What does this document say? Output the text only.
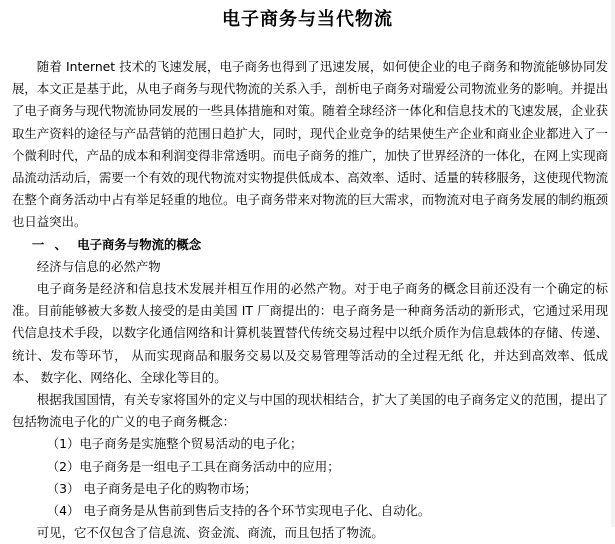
电子商务与当代物流

随着 Internet 技术的飞速发展，电子商务也得到了迅速发展，如何使企业的电子商务和物流能够协同发展，本文正是基于此，从电子商务与现代物流的关系入手，剖析电子商务对瑞爱公司物流业务的影响。并提出了电子商务与现代物流协同发展的一些具体措施和对策。随着全球经济一体化和信息技术的飞速发展，企业获取生产资料的途径与产品营销的范围日趋扩大，同时，现代企业竞争的结果使生产企业和商业企业都进入了一个微利时代，产品的成本和利润变得非常透明。而电子商务的推广，加快了世界经济的一体化，在网上实现商品流动活动后，需要一个有效的现代物流对实物提供低成本、高效率、适时、适量的转移服务，这使现代物流在整个商务活动中占有举足轻重的地位。电子商务带来对物流的巨大需求，而物流对电子商务发展的制约瓶颈也日益突出。

一 、 电子商务与物流的概念

经济与信息的必然产物

电子商务是经济和信息技术发展并相互作用的必然产物。对于电子商务的概念目前还没有一个确定的标准。目前能够被大多数人接受的是由美国 IT 厂商提出的：电子商务是一种商务活动的新形式，它通过采用现代信息技术手段，以数字化通信网络和计算机装置替代传统交易过程中以纸介质作为信息载体的存储、传递、统计、发布等环节， 从而实现商品和服务交易以及交易管理等活动的全过程无纸 化，并达到高效率、低成本、 数字化、网络化、全球化等目的。

根据我国国情，有关专家将国外的定义与中国的现状相结合，扩大了美国的电子商务定义的范围，提出了包括物流电子化的广义的电子商务概念：

（1）电子商务是实施整个贸易活动的电子化；

（2）电子商务是一组电子工具在商务活动中的应用；

（3） 电子商务是电子化的购物市场；

（4） 电子商务是从售前到售后支持的各个环节实现电子化、自动化。

可见，它不仅包含了信息流、资金流、商流，而且包括了物流。
